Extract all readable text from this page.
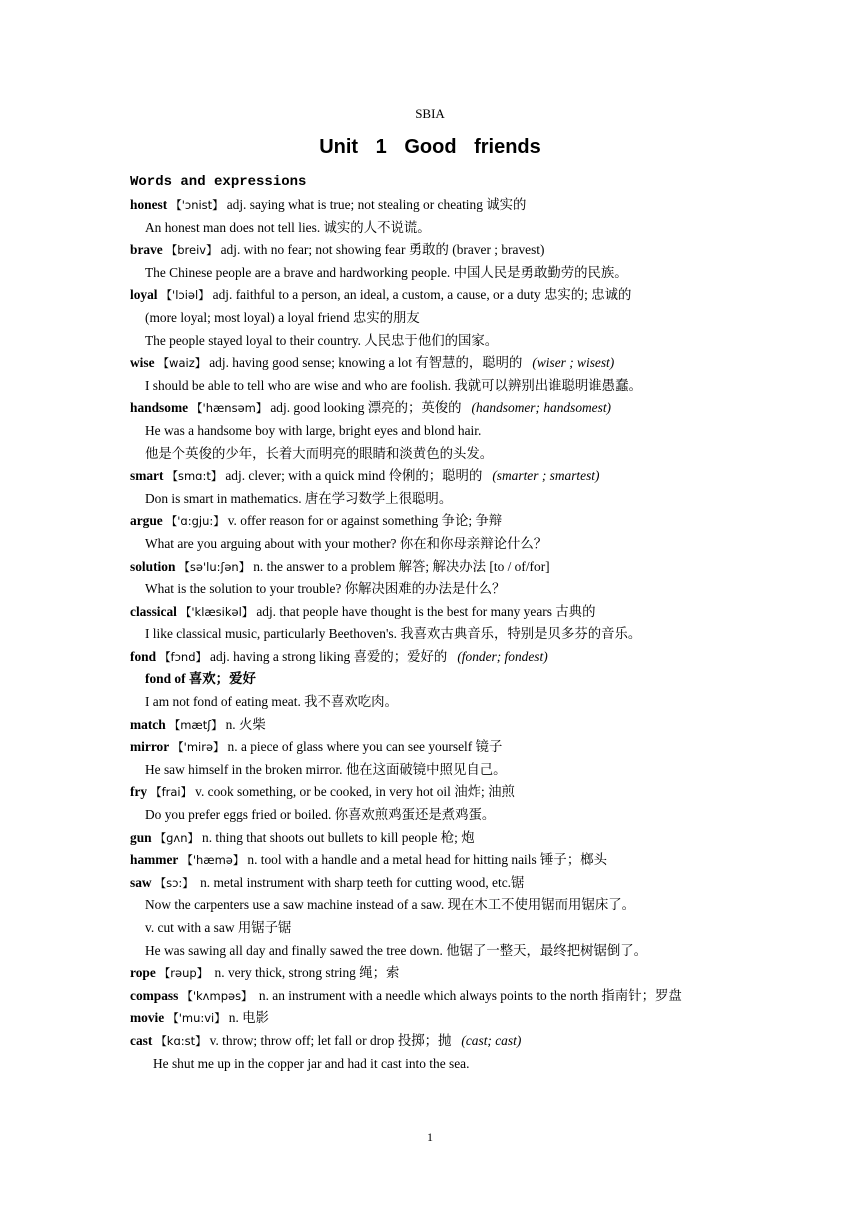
SBIA
Unit 1 Good friends
Words and expressions
honest 【'ɔnist】 adj. saying what is true; not stealing or cheating 诚实的
An honest man does not tell lies. 诚实的人不说谎。
brave 【breiv】 adj. with no fear; not showing fear 勇敢的 (braver ; bravest)
The Chinese people are a brave and hardworking people. 中国人民是勇敢勤劳的民族。
loyal 【'lɔiəl】 adj. faithful to a person, an ideal, a custom, a cause, or a duty 忠实的; 忠诚的
(more loyal; most loyal) a loyal friend 忠实的朋友
The people stayed loyal to their country. 人民忠于他们的国家。
wise 【waiz】 adj. having good sense; knowing a lot 有智慧的，聪明的 (wiser ; wisest)
I should be able to tell who are wise and who are foolish. 我就可以辨别出谁聪明谁愚蠢。
handsome 【'hænsəm】 adj. good looking 漂亮的；英俊的 (handsomer; handsomest)
He was a handsome boy with large, bright eyes and blond hair.
他是个英俊的少年，长着大而明亮的眼睛和淡黄色的头发。
smart 【smɑ:t】 adj. clever; with a quick mind 伶俐的；聪明的 (smarter ; smartest)
Don is smart in mathematics. 唐在学习数学上很聪明。
argue 【'ɑ:gju:】 v. offer reason for or against something 争论; 争辩
What are you arguing about with your mother? 你在和你母亲辩论什么？
solution 【sə'lu:ʃən】 n. the answer to a problem 解答; 解决办法 [to / of/for]
What is the solution to your trouble? 你解决困难的办法是什么？
classical 【'klæsikəl】 adj. that people have thought is the best for many years 古典的
I like classical music, particularly Beethoven's. 我喜欢古典音乐，特别是贝多芬的音乐。
fond 【fɔnd】 adj. having a strong liking 喜爱的；爱好的 (fonder; fondest)
fond of 喜欢；爱好
I am not fond of eating meat. 我不喜欢吃肉。
match 【mætʃ】 n. 火柴
mirror 【'mirə】 n. a piece of glass where you can see yourself 镜子
He saw himself in the broken mirror. 他在这面破镜中照见自己。
fry 【frai】 v. cook something, or be cooked, in very hot oil 油炸; 油煎
Do you prefer eggs fried or boiled. 你喜欢煎鸡蛋还是煮鸡蛋。
gun 【gʌn】 n. thing that shoots out bullets to kill people 枪; 炮
hammer 【'hæmə】 n. tool with a handle and a metal head for hitting nails 锤子；榔头
saw 【sɔ:】 n. metal instrument with sharp teeth for cutting wood, etc.锯
Now the carpenters use a saw machine instead of a saw. 现在木工不使用锯而用锯床了。
v. cut with a saw 用锯子锯
He was sawing all day and finally sawed the tree down. 他锯了一整天，最终把树锯倒了。
rope 【rəup】 n. very thick, strong string 绳；索
compass 【'kʌmpəs】 n. an instrument with a needle which always points to the north 指南针；罗盘
movie 【'mu:vi】 n. 电影
cast 【kɑ:st】 v. throw; throw off; let fall or drop 投掷；抛 (cast; cast)
He shut me up in the copper jar and had it cast into the sea.
1
